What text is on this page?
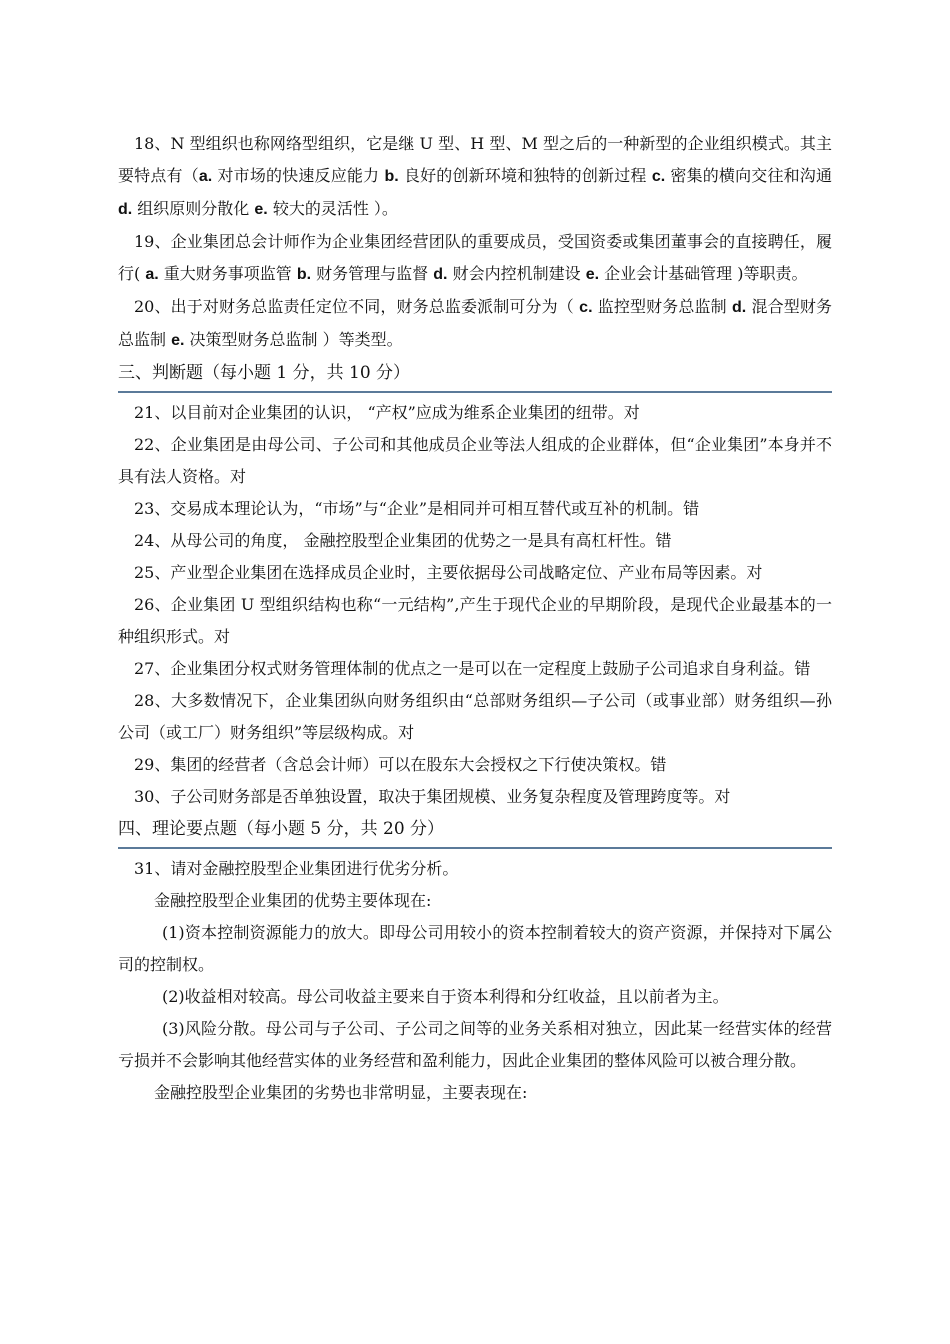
18、N 型组织也称网络型组织，它是继 U 型、H 型、M 型之后的一种新型的企业组织模式。其主要特点有（a. 对市场的快速反应能力 b. 良好的创新环境和独特的创新过程 c. 密集的横向交往和沟通 d. 组织原则分散化 e. 较大的灵活性 ）。

19、企业集团总会计师作为企业集团经营团队的重要成员，受国资委或集团董事会的直接聘任，履行( a. 重大财务事项监管 b. 财务管理与监督 d. 财会内控机制建设 e. 企业会计基础管理 )等职责。

20、出于对财务总监责任定位不同，财务总监委派制可分为（ c. 监控型财务总监制 d. 混合型财务总监制 e. 决策型财务总监制 ）等类型。

三、判断题（每小题 1 分，共 10 分）

21、以目前对企业集团的认识， “产权”应成为维系企业集团的纽带。对

22、企业集团是由母公司、子公司和其他成员企业等法人组成的企业群体，但“企业集团”本身并不具有法人资格。对

23、交易成本理论认为，“市场”与“企业”是相同并可相互替代或互补的机制。错

24、从母公司的角度， 金融控股型企业集团的优势之一是具有高杠杆性。错

25、产业型企业集团在选择成员企业时，主要依据母公司战略定位、产业布局等因素。对

26、企业集团 U 型组织结构也称“一元结构”,产生于现代企业的早期阶段，是现代企业最基本的一种组织形式。对

27、企业集团分权式财务管理体制的优点之一是可以在一定程度上鼓励子公司追求自身利益。错

28、大多数情况下，企业集团纵向财务组织由“总部财务组织—子公司（或事业部）财务组织—孙公司（或工厂）财务组织”等层级构成。对

29、集团的经营者（含总会计师）可以在股东大会授权之下行使决策权。错

30、子公司财务部是否单独设置，取决于集团规模、业务复杂程度及管理跨度等。对

四、理论要点题（每小题 5 分，共 20 分）

31、请对金融控股型企业集团进行优劣分析。

金融控股型企业集团的优势主要体现在:

(1)资本控制资源能力的放大。即母公司用较小的资本控制着较大的资产资源，并保持对下属公司的控制权。

(2)收益相对较高。母公司收益主要来自于资本利得和分红收益，且以前者为主。

(3)风险分散。母公司与子公司、子公司之间等的业务关系相对独立，因此某一经营实体的经营亏损并不会影响其他经营实体的业务经营和盈利能力，因此企业集团的整体风险可以被合理分散。

金融控股型企业集团的劣势也非常明显，主要表现在:
